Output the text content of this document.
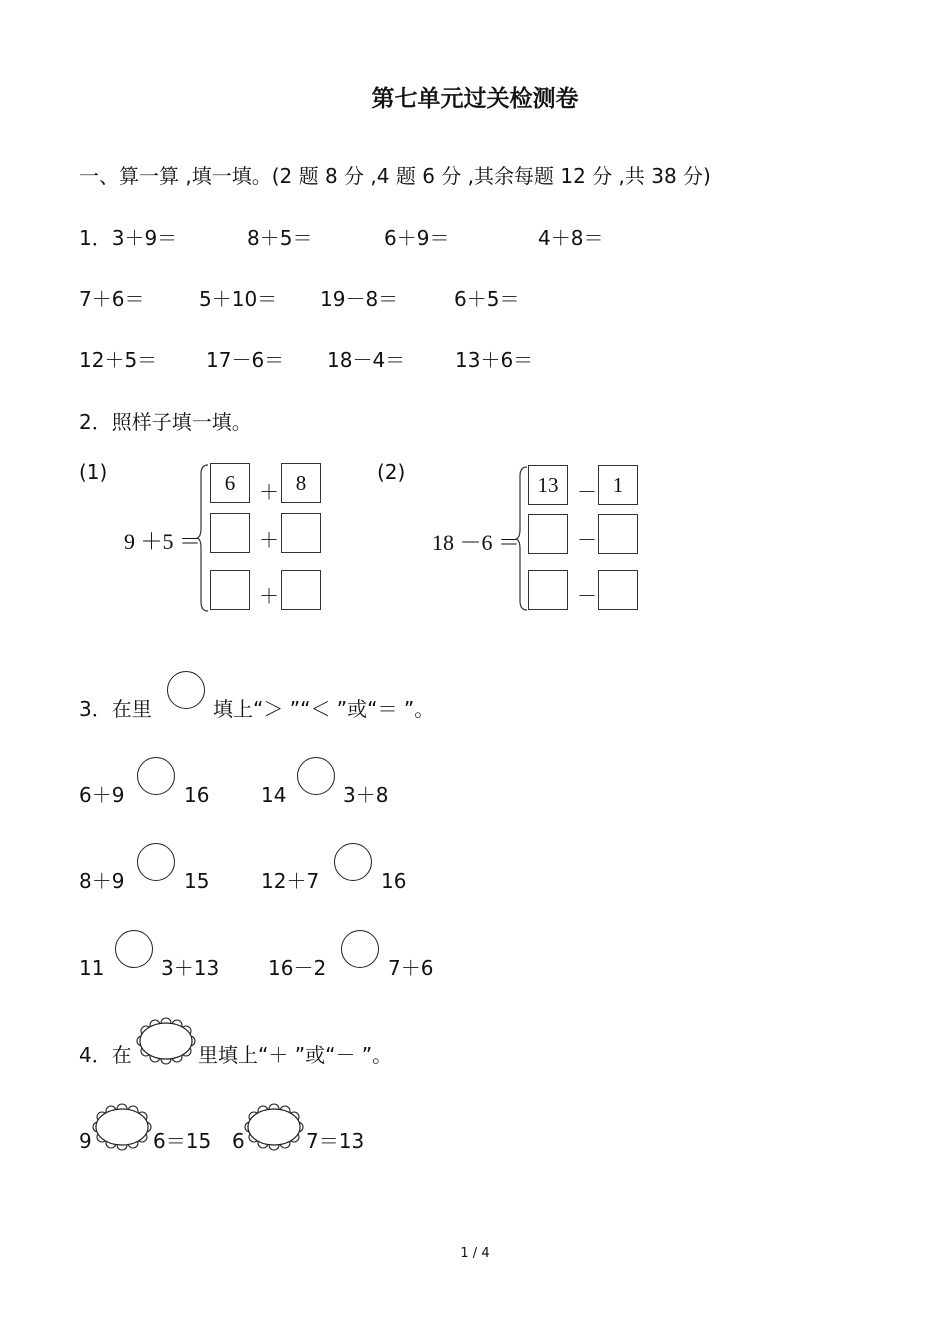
第七单元过关检测卷
一、算一算 ,填一填。(2 题 8 分 ,4 题 6 分 ,其余每题 12 分 ,共 38 分)
1．3＋9＝	8＋5＝	6＋9＝	4＋8＝
7＋6＝	5＋10＝ 19－8＝	6＋5＝
12＋5＝ 17－6＝ 18－4＝ 13＋6＝
2．照样子填一填。
(1)
9 ＋5 ＝
6	＋ 8
＋
＋
(2)
18 －6 ＝
13 － 1
－
－
3．在里	填上“＞ ”“＜ ”或“＝ ”。
6＋9	16	14	3＋8
8＋9	15	12＋7	16
11	3＋13 16－2	7＋6
4．在	里填上“＋ ”或“－ ”。
9	6＝15 6	7＝13
1 / 4
